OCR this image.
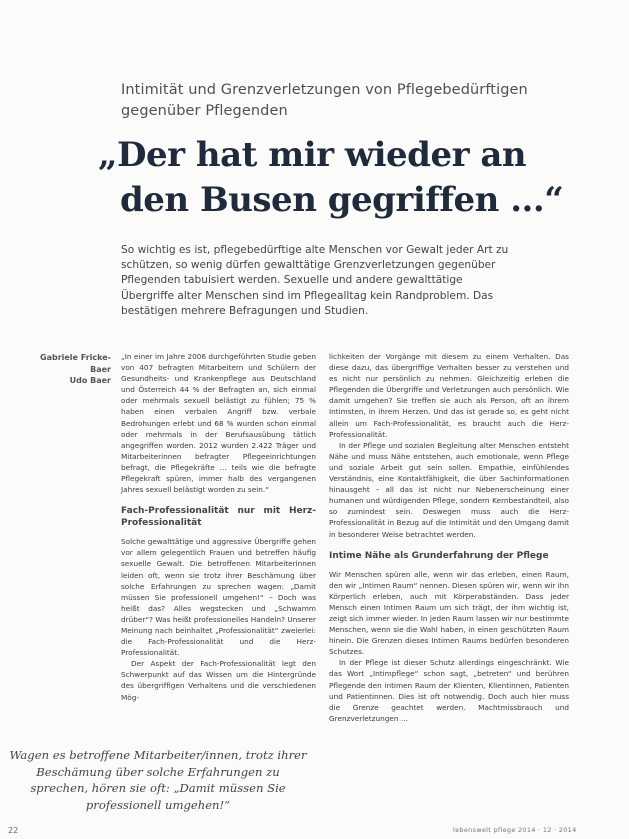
Intimität und Grenzverletzungen von Pflegebedürftigen gegenüber Pflegenden
„Der hat mir wieder an
den Busen gegriffen ...“
So wichtig es ist, pflegebedürftige alte Menschen vor Gewalt jeder Art zu schützen, so wenig dürfen gewalttätige Grenzverletzungen gegenüber Pflegenden tabuisiert werden. Sexuelle und andere gewalttätige Übergriffe alter Menschen sind im Pflegealltag kein Randproblem. Das bestätigen mehrere Befragungen und Studien.
Gabriele Fricke-Baer
Udo Baer

„In einer im Jahre 2006 durchgeführten Studie geben von 407 befragten Mitarbeitern und Schülern der Gesundheits- und Krankenpflege aus Deutschland und Österreich 44 % der Befragten an, sich einmal oder mehrmals sexuell belästigt zu fühlen; 75 % haben einen verbalen Angriff bzw. verbale Bedrohungen erlebt und 68 % wurden schon einmal oder mehrmals in der Berufsausübung tätlich angegriffen worden. 2012 wurden 2.422 Träger und Mitarbeiterinnen befragter Pflegeeinrichtungen befragt, die Pflegekräfte … teils wie die befragte Pflegekraft spüren, immer halb des vergangenen Jahres sexuell belästigt worden zu sein.“

Fach-Professionalität nur mit Herz-Professionalität

Solche gewalttätige und aggressive Übergriffe gehen vor allem gelegentlich Frauen und betreffen häufig sexuelle Gewalt. Die betroffenen Mitarbeiterinnen leiden oft, wenn sie trotz ihrer Beschämung über solche Erfahrungen zu sprechen wagen: „Damit müssen Sie professionell umgehen!“ – Doch was heißt das? Alles wegstecken und „Schwamm drüber“? Was heißt professionelles Handeln? Unserer Meinung nach beinhaltet „Professionalität“ zweierlei: die Fach-Professionalität und die Herz-Professionalität.

Der Aspekt der Fach-Professionalität legt den Schwerpunkt auf das Wissen um die Hintergründe des übergriffigen Verhaltens und die verschiedenen Mög-

lichkeiten der Vorgänge mit diesem zu einem Verhalten. Das diese dazu, das übergriffige Verhalten besser zu verstehen und es nicht nur persönlich zu nehmen. Gleichzeitig erleben die Pflegenden die Übergriffe und Verletzungen auch persönlich. Wie damit umgehen? Sie treffen sie auch als Person, oft an ihrem Intimsten, in ihrem Herzen. Und das ist gerade so, es geht nicht allein um Fach-Professionalität, es braucht auch die Herz-Professionalität.

In der Pflege und sozialen Begleitung alter Menschen entsteht Nähe und muss Nähe entstehen, auch emotionale, wenn Pflege und soziale Arbeit gut sein sollen. Empathie, einfühlendes Verständnis, eine Kontaktfähigkeit, die über Sachinformationen hinausgeht – all das ist nicht nur Nebenerscheinung einer humanen und würdigenden Pflege, sondern Kernbestandteil, also so zumindest sein. Deswegen muss auch die Herz-Professionalität in Bezug auf die Intimität und den Umgang damit in besonderer Weise betrachtet werden.

Intime Nähe als Grunderfahrung der Pflege

Wir Menschen spüren alle, wenn wir das erleben, einen Raum, den wir „Intimen Raum“ nennen. Diesen spüren wir, wenn wir ihn Körperlich erleben, auch mit Körperabständen. Dass jeder Mensch einen Intimen Raum um sich trägt, der ihm wichtig ist, zeigt sich immer wieder. In jeden Raum lassen wir nur bestimmte Menschen, wenn sie die Wahl haben, in einen geschützten Raum hinein. Die Grenzen dieses Intimen Raums bedürfen besonderen Schutzes.

In der Pflege ist dieser Schutz allerdings eingeschränkt. Wie das Wort „Intimpflege“ schon sagt, „betreten“ und berühren Pflegende den intimen Raum der Klienten, Klientinnen, Patienten und Patientinnen. Dies ist oft notwendig. Doch auch hier muss die Grenze geachtet werden. Machtmissbrauch und Grenzverletzungen …

Wagen es betroffene Mitarbeiter/innen, trotz ihrer Beschämung über solche Erfahrungen zu sprechen, hören sie oft: „Damit müssen Sie professionell umgehen!“
22	lebenswelt pflege 2014 · 12 · 2014
